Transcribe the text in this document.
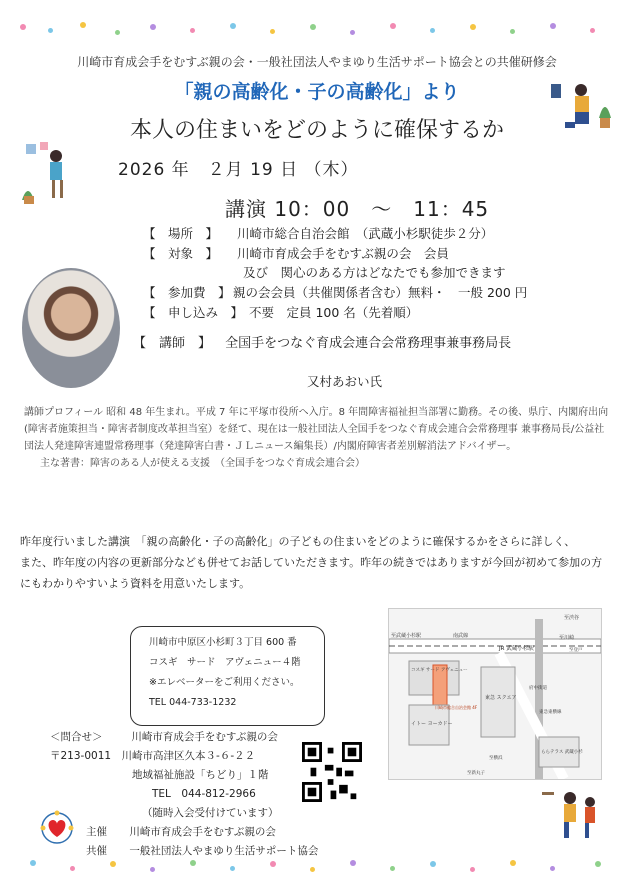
川崎市育成会手をむすぶ親の会・一般社団法人やまゆり生活サポート協会との共催研修会
「親の高齢化・子の高齢化」より
本人の住まいをどのように確保するか
2026 年　２月 19 日 （木）
講演 10：00　～　11：45
【　場所　】 川崎市総合自治会館　（武蔵小杉駅徒歩２分）
【　対象　】 川崎市育成会手をむすぶ親の会　会員
及び　関心のある方はどなたでも参加できます
【　参加費　】 親の会会員（共催関係者含む）無料・　一般 200 円
【　申し込み　】 不要　定員 100 名（先着順）
【　講師　】 全国手をつなぐ育成会連合会常務理事兼事務局長
又村あおい氏
講師プロフィール 昭和 48 年生まれ。平成 7 年に平塚市役所へ入庁。8 年間障害福祉担当部署に勤務。その後、県庁、内閣府出向 (障害者施策担当・障害者制度改革担当室）を経て、現在は一般社団法人全国手をつなぐ育成会連合会常務理事 兼事務局長/公益社団法人発達障害連盟常務理事（発達障害白書・ＪＬニュース編集長）/内閣府障害者差別解消法アドバイザー。
主な著書：障害のある人が使える支援　（全国手をつなぐ育成会連合会）
昨年度行いました講演　「親の高齢化・子の高齢化」の子どもの住まいをどのように確保するかをさらに詳しく、
また、昨年度の内容の更新部分なども併せてお話していただきます。昨年の続きではありますが今回が初めて参加の方
にもわかりやすいよう資料を用意いたします。
川崎市中原区小杉町３丁目 600 番
コスギ　サード　アヴェニュー４階
※エレベーターをご利用ください。
TEL 044-733-1232
至渋谷
至川崎
至武蔵小杉駅
JR 武蔵小杉駅
コスギ サード アヴェニュー
川崎市総合自治会館 4F
東急 スクエア
イトー ヨーカドー
ららテラス 武蔵小杉
府中街道
南武線
至横浜
至新丸子
至登戸
東急東横線
＜問合せ＞	川崎市育成会手をむすぶ親の会
〒213-0011　川崎市高津区久本３-６-２２
地域福祉施設「ちどり」１階
TEL　044-812-2966
（随時入会受付けています）
主催 川崎市育成会手をむすぶ親の会
共催 一般社団法人やまゆり生活サポート協会
